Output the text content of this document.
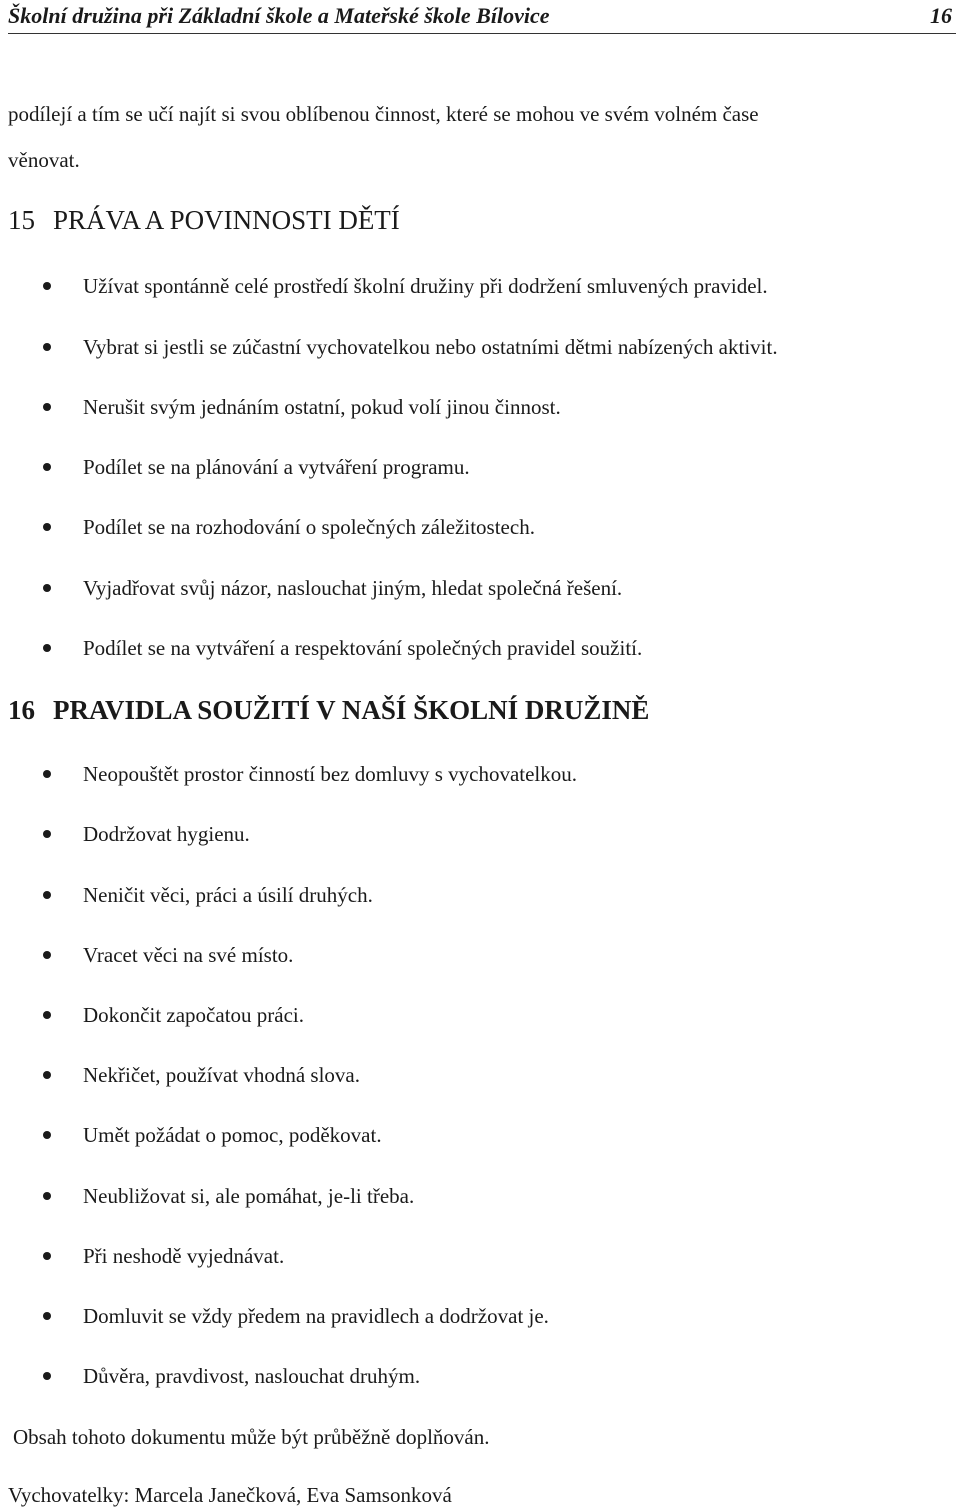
Školní družina při Základní škole a Mateřské škole Bílovice	16
podílejí a tím se učí najít si svou oblíbenou činnost, které se mohou ve svém volném čase
věnovat.
15 PRÁVA A POVINNOSTI DĚTÍ
Užívat spontánně celé prostředí školní družiny při dodržení smluvených pravidel.
Vybrat si jestli se zúčastní vychovatelkou nebo ostatními dětmi nabízených aktivit.
Nerušit svým jednáním ostatní, pokud volí jinou činnost.
Podílet se na plánování a vytváření programu.
Podílet se na rozhodování o společných záležitostech.
Vyjadřovat svůj názor, naslouchat jiným, hledat společná řešení.
Podílet se na vytváření a respektování společných pravidel soužití.
16 PRAVIDLA SOUŽITÍ V NAŠÍ ŠKOLNÍ DRUŽINĚ
Neopouštět prostor činností bez domluvy s vychovatelkou.
Dodržovat hygienu.
Neničit věci, práci a úsilí druhých.
Vracet věci na své místo.
Dokončit započatou práci.
Nekřičet, používat vhodná slova.
Umět požádat o pomoc, poděkovat.
Neubližovat si, ale pomáhat, je-li třeba.
Při neshodě vyjednávat.
Domluvit se vždy předem na pravidlech a dodržovat je.
Důvěra, pravdivost, naslouchat druhým.
Obsah tohoto dokumentu může být průběžně doplňován.
Vychovatelky: Marcela Janečková, Eva Samsonková
